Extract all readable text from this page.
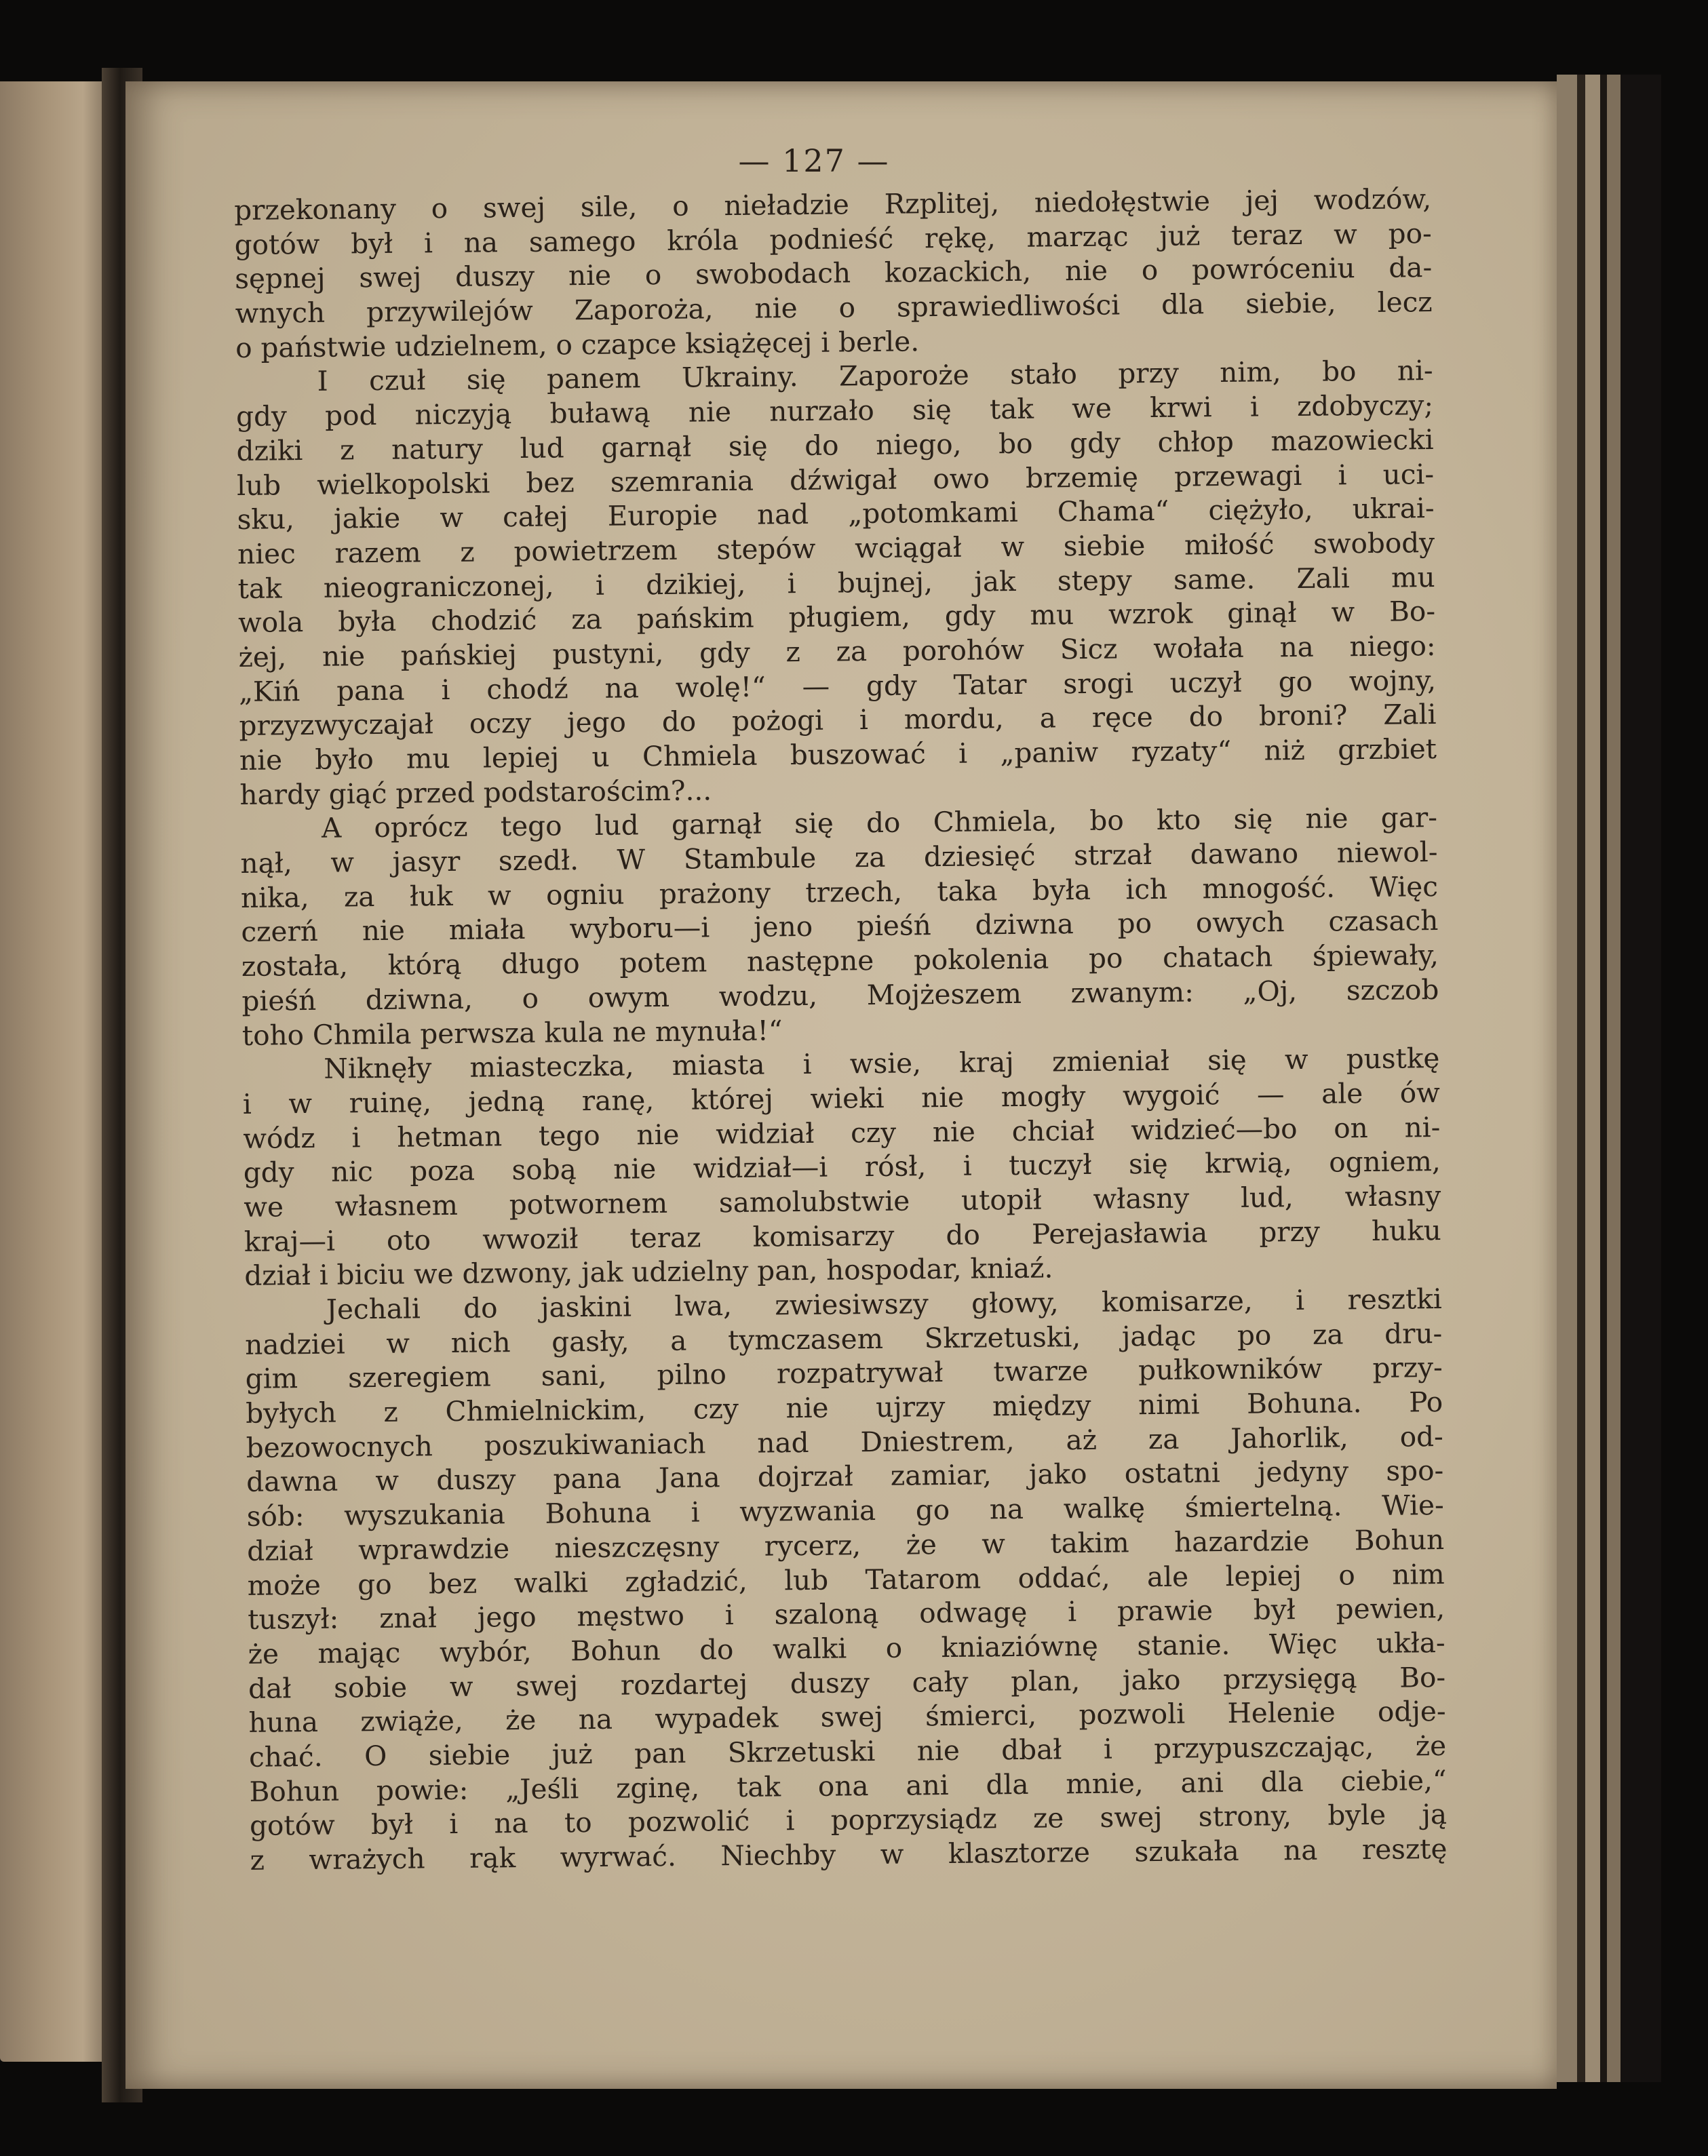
— 127 —
przekonany o swej sile, o nieładzie Rzplitej, niedołęstwie jej wodzów,
gotów był i na samego króla podnieść rękę, marząc już teraz w po-
sępnej swej duszy nie o swobodach kozackich, nie o powróceniu da-
wnych przywilejów Zaporoża, nie o sprawiedliwości dla siebie, lecz
o państwie udzielnem, o czapce książęcej i berle.
I czuł się panem Ukrainy. Zaporoże stało przy nim, bo ni-
gdy pod niczyją buławą nie nurzało się tak we krwi i zdobyczy;
dziki z natury lud garnął się do niego, bo gdy chłop mazowiecki
lub wielkopolski bez szemrania dźwigał owo brzemię przewagi i uci-
sku, jakie w całej Europie nad „potomkami Chama“ ciężyło, ukrai-
niec razem z powietrzem stepów wciągał w siebie miłość swobody
tak nieograniczonej, i dzikiej, i bujnej, jak stepy same. Zali mu
wola była chodzić za pańskim pługiem, gdy mu wzrok ginął w Bo-
żej, nie pańskiej pustyni, gdy z za porohów Sicz wołała na niego:
„Kiń pana i chodź na wolę!“ — gdy Tatar srogi uczył go wojny,
przyzwyczajał oczy jego do pożogi i mordu, a ręce do broni? Zali
nie było mu lepiej u Chmiela buszować i „paniw ryzaty“ niż grzbiet
hardy giąć przed podstarościm?...
A oprócz tego lud garnął się do Chmiela, bo kto się nie gar-
nął, w jasyr szedł. W Stambule za dziesięć strzał dawano niewol-
nika, za łuk w ogniu prażony trzech, taka była ich mnogość. Więc
czerń nie miała wyboru—i jeno pieśń dziwna po owych czasach
została, którą długo potem następne pokolenia po chatach śpiewały,
pieśń dziwna, o owym wodzu, Mojżeszem zwanym: „Oj, szczob
toho Chmila perwsza kula ne mynuła!“
Niknęły miasteczka, miasta i wsie, kraj zmieniał się w pustkę
i w ruinę, jedną ranę, której wieki nie mogły wygoić — ale ów
wódz i hetman tego nie widział czy nie chciał widzieć—bo on ni-
gdy nic poza sobą nie widział—i rósł, i tuczył się krwią, ogniem,
we własnem potwornem samolubstwie utopił własny lud, własny
kraj—i oto wwoził teraz komisarzy do Perejasławia przy huku
dział i biciu we dzwony, jak udzielny pan, hospodar, kniaź.
Jechali do jaskini lwa, zwiesiwszy głowy, komisarze, i resztki
nadziei w nich gasły, a tymczasem Skrzetuski, jadąc po za dru-
gim szeregiem sani, pilno rozpatrywał twarze pułkowników przy-
byłych z Chmielnickim, czy nie ujrzy między nimi Bohuna. Po
bezowocnych poszukiwaniach nad Dniestrem, aż za Jahorlik, od-
dawna w duszy pana Jana dojrzał zamiar, jako ostatni jedyny spo-
sób: wyszukania Bohuna i wyzwania go na walkę śmiertelną. Wie-
dział wprawdzie nieszczęsny rycerz, że w takim hazardzie Bohun
może go bez walki zgładzić, lub Tatarom oddać, ale lepiej o nim
tuszył: znał jego męstwo i szaloną odwagę i prawie był pewien,
że mając wybór, Bohun do walki o kniaziównę stanie. Więc ukła-
dał sobie w swej rozdartej duszy cały plan, jako przysięgą Bo-
huna zwiąże, że na wypadek swej śmierci, pozwoli Helenie odje-
chać. O siebie już pan Skrzetuski nie dbał i przypuszczając, że
Bohun powie: „Jeśli zginę, tak ona ani dla mnie, ani dla ciebie,“
gotów był i na to pozwolić i poprzysiądz ze swej strony, byle ją
z wrażych rąk wyrwać. Niechby w klasztorze szukała na resztę
